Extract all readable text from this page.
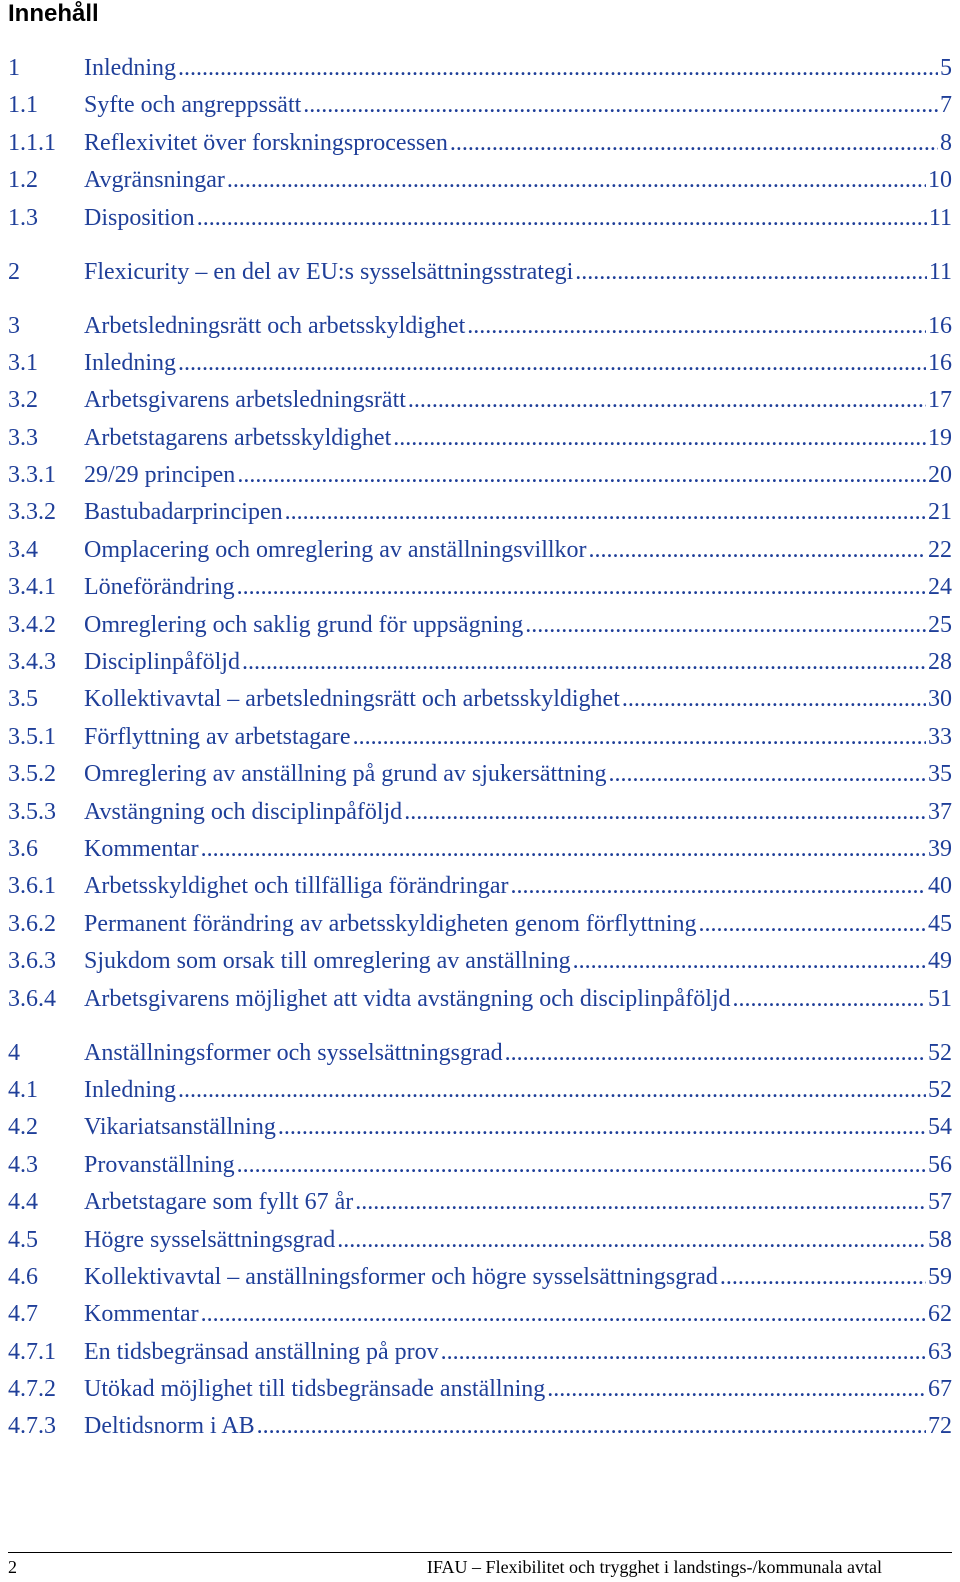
Innehåll
1	Inledning .....	5
1.1	Syfte och angreppssätt .....	7
1.1.1	Reflexivitet över forskningsprocessen .....	8
1.2	Avgränsningar .....	10
1.3	Disposition .....	11
2	Flexicurity – en del av EU:s sysselsättningsstrategi .....	11
3	Arbetsledningsrätt och arbetsskyldighet .....	16
3.1	Inledning .....	16
3.2	Arbetsgivarens arbetsledningsrätt .....	17
3.3	Arbetstagarens arbetsskyldighet .....	19
3.3.1	29/29 principen .....	20
3.3.2	Bastubadarprincipen .....	21
3.4	Omplacering och omreglering av anställningsvillkor .....	22
3.4.1	Löneförändring .....	24
3.4.2	Omreglering och saklig grund för uppsägning .....	25
3.4.3	Disciplinpåföljd .....	28
3.5	Kollektivavtal – arbetsledningsrätt och arbetsskyldighet .....	30
3.5.1	Förflyttning av arbetstagare .....	33
3.5.2	Omreglering av anställning på grund av sjukersättning .....	35
3.5.3	Avstängning och disciplinpåföljd .....	37
3.6	Kommentar .....	39
3.6.1	Arbetsskyldighet och tillfälliga förändringar .....	40
3.6.2	Permanent förändring av arbetsskyldigheten genom förflyttning .....	45
3.6.3	Sjukdom som orsak till omreglering av anställning .....	49
3.6.4	Arbetsgivarens möjlighet att vidta avstängning och disciplinpåföljd .....	51
4	Anställningsformer och sysselsättningsgrad .....	52
4.1	Inledning .....	52
4.2	Vikariatsanställning .....	54
4.3	Provanställning .....	56
4.4	Arbetstagare som fyllt 67 år .....	57
4.5	Högre sysselsättningsgrad .....	58
4.6	Kollektivavtal – anställningsformer och högre sysselsättningsgrad .....	59
4.7	Kommentar .....	62
4.7.1	En tidsbegränsad anställning på prov .....	63
4.7.2	Utökad möjlighet till tidsbegränsade anställning .....	67
4.7.3	Deltidsnorm i AB .....	72
2	IFAU – Flexibilitet och trygghet i landstings-/kommunala avtal
